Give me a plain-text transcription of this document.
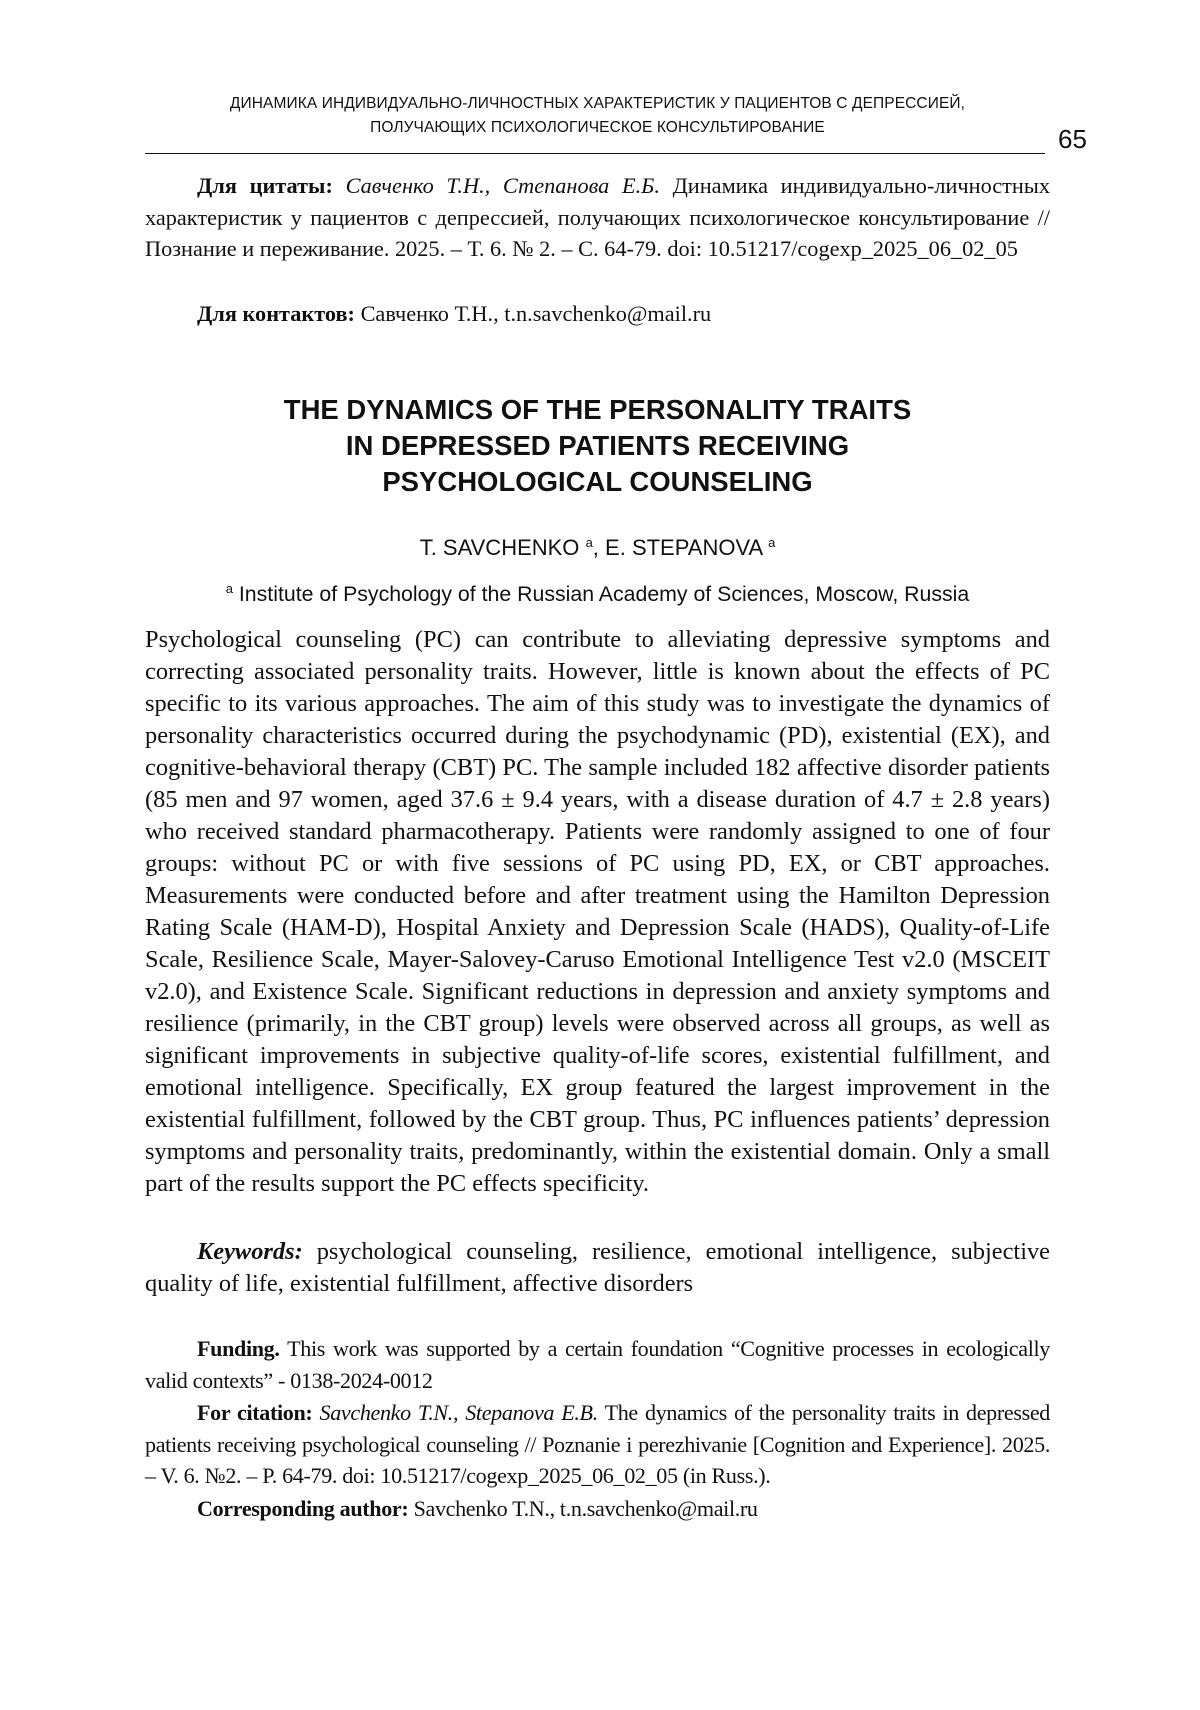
ДИНАМИКА ИНДИВИДУАЛЬНО-ЛИЧНОСТНЫХ ХАРАКТЕРИСТИК У ПАЦИЕНТОВ С ДЕПРЕССИЕЙ,
ПОЛУЧАЮЩИХ ПСИХОЛОГИЧЕСКОЕ КОНСУЛЬТИРОВАНИЕ	65
Для цитаты: Савченко Т.Н., Степанова Е.Б. Динамика индивидуально-личностных характеристик у пациентов с депрессией, получающих психологическое консультирование // Познание и переживание. 2025. – Т. 6. № 2. – С. 64-79. doi: 10.51217/cogexp_2025_06_02_05
Для контактов: Савченко Т.Н., t.n.savchenko@mail.ru
THE DYNAMICS OF THE PERSONALITY TRAITS
IN DEPRESSED PATIENTS RECEIVING
PSYCHOLOGICAL COUNSELING
T. SAVCHENKO $^a$, E. STEPANOVA $^a$
$^a$ Institute of Psychology of the Russian Academy of Sciences, Moscow, Russia
Psychological counseling (PC) can contribute to alleviating depressive symptoms and correcting associated personality traits. However, little is known about the effects of PC specific to its various approaches. The aim of this study was to investigate the dynamics of personality characteristics occurred during the psychodynamic (PD), existential (EX), and cognitive-behavioral therapy (CBT) PC. The sample included 182 affective disorder patients (85 men and 97 women, aged 37.6 ± 9.4 years, with a disease duration of 4.7 ± 2.8 years) who received standard pharmacotherapy. Patients were randomly assigned to one of four groups: without PC or with five sessions of PC using PD, EX, or CBT approaches. Measurements were conducted before and after treatment using the Hamilton Depression Rating Scale (HAM-D), Hospital Anxiety and Depression Scale (HADS), Quality-of-Life Scale, Resilience Scale, Mayer-Salovey-Caruso Emotional Intelligence Test v2.0 (MSCEIT v2.0), and Existence Scale. Significant reductions in depression and anxiety symptoms and resilience (primarily, in the CBT group) levels were observed across all groups, as well as significant improvements in subjective quality-of-life scores, existential fulfillment, and emotional intelligence. Specifically, EX group featured the largest improvement in the existential fulfillment, followed by the CBT group. Thus, PC influences patients’ depression symptoms and personality traits, predominantly, within the existential domain. Only a small part of the results support the PC effects specificity.
Keywords: psychological counseling, resilience, emotional intelligence, subjective quality of life, existential fulfillment, affective disorders
Funding. This work was supported by a certain foundation “Cognitive processes in ecologically valid contexts” - 0138-2024-0012
For citation: Savchenko T.N., Stepanova E.B. The dynamics of the personality traits in depressed patients receiving psychological counseling // Poznanie i perezhivanie [Cognition and Experience]. 2025. – V. 6. №2. – P. 64-79. doi: 10.51217/cogexp_2025_06_02_05 (in Russ.).
Corresponding author: Savchenko T.N., t.n.savchenko@mail.ru
